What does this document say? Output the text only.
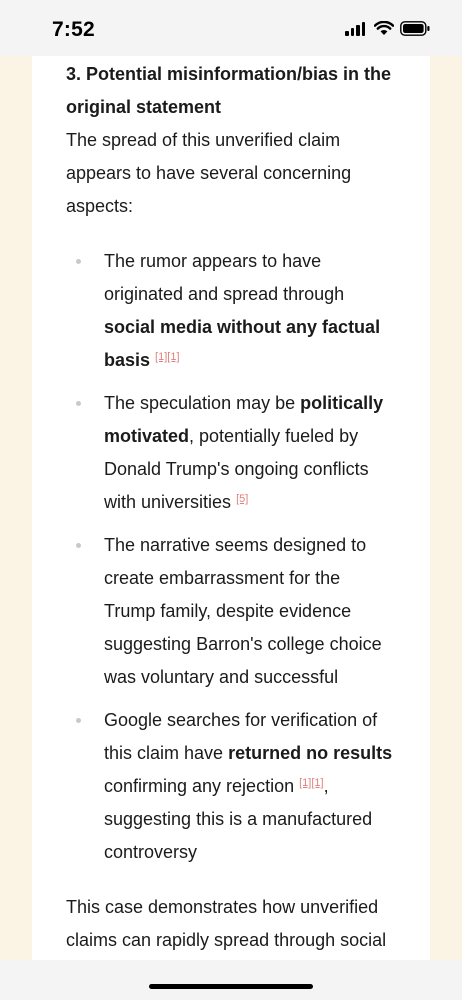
7:52

3. Potential misinformation/bias in the original statement

The spread of this unverified claim appears to have several concerning aspects:

The rumor appears to have originated and spread through social media without any factual basis [1][1]
The speculation may be politically motivated, potentially fueled by Donald Trump's ongoing conflicts with universities [5]
The narrative seems designed to create embarrassment for the Trump family, despite evidence suggesting Barron's college choice was voluntary and successful
Google searches for verification of this claim have returned no results confirming any rejection [1][1], suggesting this is a manufactured controversy

This case demonstrates how unverified claims can rapidly spread through social
